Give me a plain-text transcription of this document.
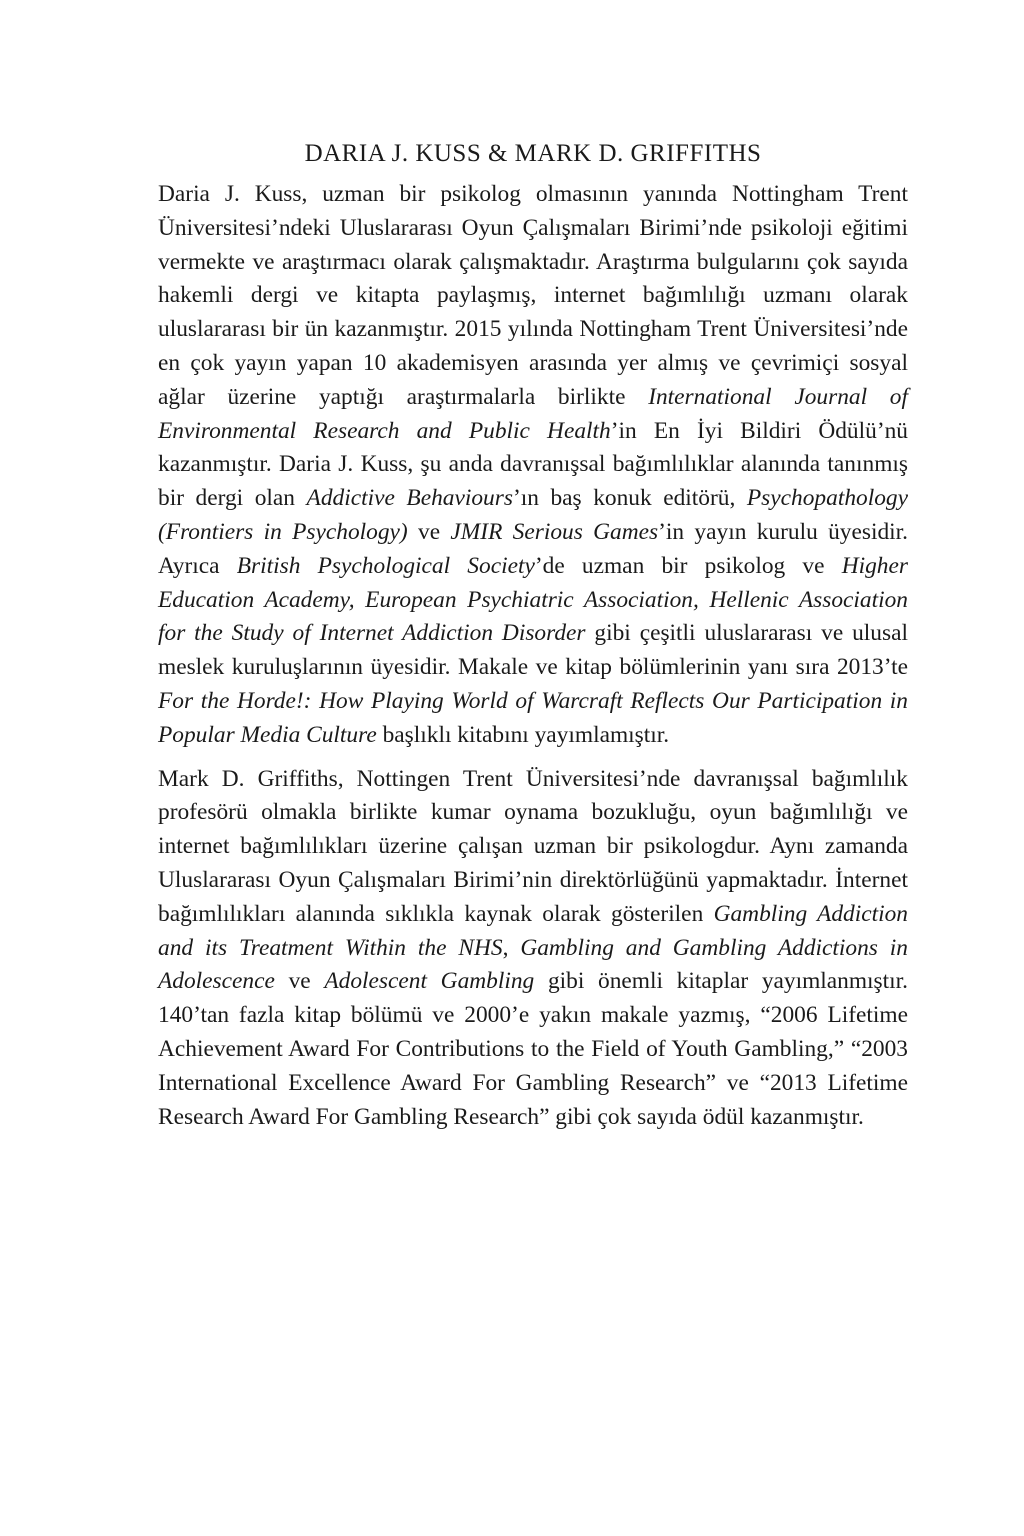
DARIA J. KUSS & MARK D. GRIFFITHS

Daria J. Kuss, uzman bir psikolog olmasının yanında Nottingham Trent Üniversitesi’ndeki Uluslararası Oyun Çalışmaları Birimi’nde psikoloji eğitimi vermekte ve araştırmacı olarak çalışmaktadır. Araştırma bulgularını çok sayıda hakemli dergi ve kitapta paylaşmış, internet bağımlılığı uzmanı olarak uluslararası bir ün kazanmıştır. 2015 yılında Nottingham Trent Üniversitesi’nde en çok yayın yapan 10 akademisyen arasında yer almış ve çevrimiçi sosyal ağlar üzerine yaptığı araştırmalarla birlikte International Journal of Environmental Research and Public Health’in En İyi Bildiri Ödülü’nü kazanmıştır. Daria J. Kuss, şu anda davranışsal bağımlılıklar alanında tanınmış bir dergi olan Addictive Behaviours’ın baş konuk editörü, Psychopathology (Frontiers in Psychology) ve JMIR Serious Games’in yayın kurulu üyesidir. Ayrıca British Psychological Society’de uzman bir psikolog ve Higher Education Academy, European Psychiatric Association, Hellenic Association for the Study of Internet Addiction Disorder gibi çeşitli uluslararası ve ulusal meslek kuruluşlarının üyesidir. Makale ve kitap bölümlerinin yanı sıra 2013’te For the Horde!: How Playing World of Warcraft Reflects Our Participation in Popular Media Culture başlıklı kitabını yayımlamıştır.

Mark D. Griffiths, Nottingen Trent Üniversitesi’nde davranışsal bağımlılık profesörü olmakla birlikte kumar oynama bozukluğu, oyun bağımlılığı ve internet bağımlılıkları üzerine çalışan uzman bir psikologdur. Aynı zamanda Uluslararası Oyun Çalışmaları Birimi’nin direktörlüğünü yapmaktadır. İnternet bağımlılıkları alanında sıklıkla kaynak olarak gösterilen Gambling Addiction and its Treatment Within the NHS, Gambling and Gambling Addictions in Adolescence ve Adolescent Gambling gibi önemli kitaplar yayımlanmıştır. 140’tan fazla kitap bölümü ve 2000’e yakın makale yazmış, “2006 Lifetime Achievement Award For Contributions to the Field of Youth Gambling,” “2003 International Excellence Award For Gambling Research” ve “2013 Lifetime Research Award For Gambling Research” gibi çok sayıda ödül kazanmıştır.
